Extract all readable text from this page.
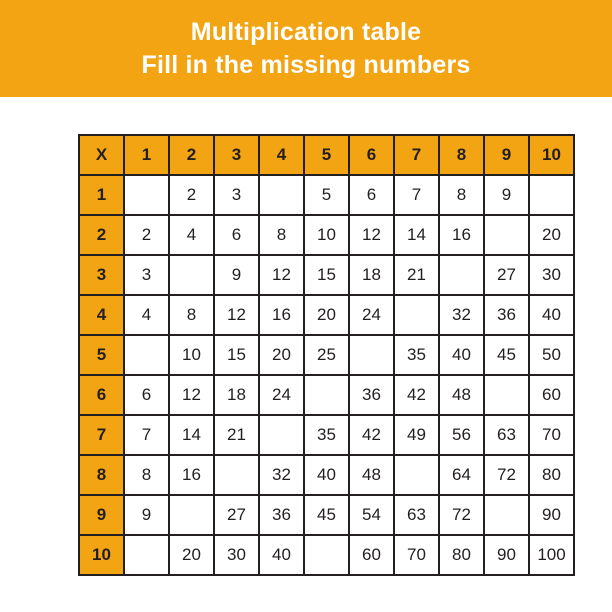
Multiplication table
Fill in the missing numbers
X	1	2	3	4	5	6	7	8	9	10
1		2	3		5	6	7	8	9	
2	2	4	6	8	10	12	14	16		20
3	3		9	12	15	18	21		27	30
4	4	8	12	16	20	24		32	36	40
5		10	15	20	25		35	40	45	50
6	6	12	18	24		36	42	48		60
7	7	14	21		35	42	49	56	63	70
8	8	16		32	40	48		64	72	80
9	9		27	36	45	54	63	72		90
10		20	30	40		60	70	80	90	100
